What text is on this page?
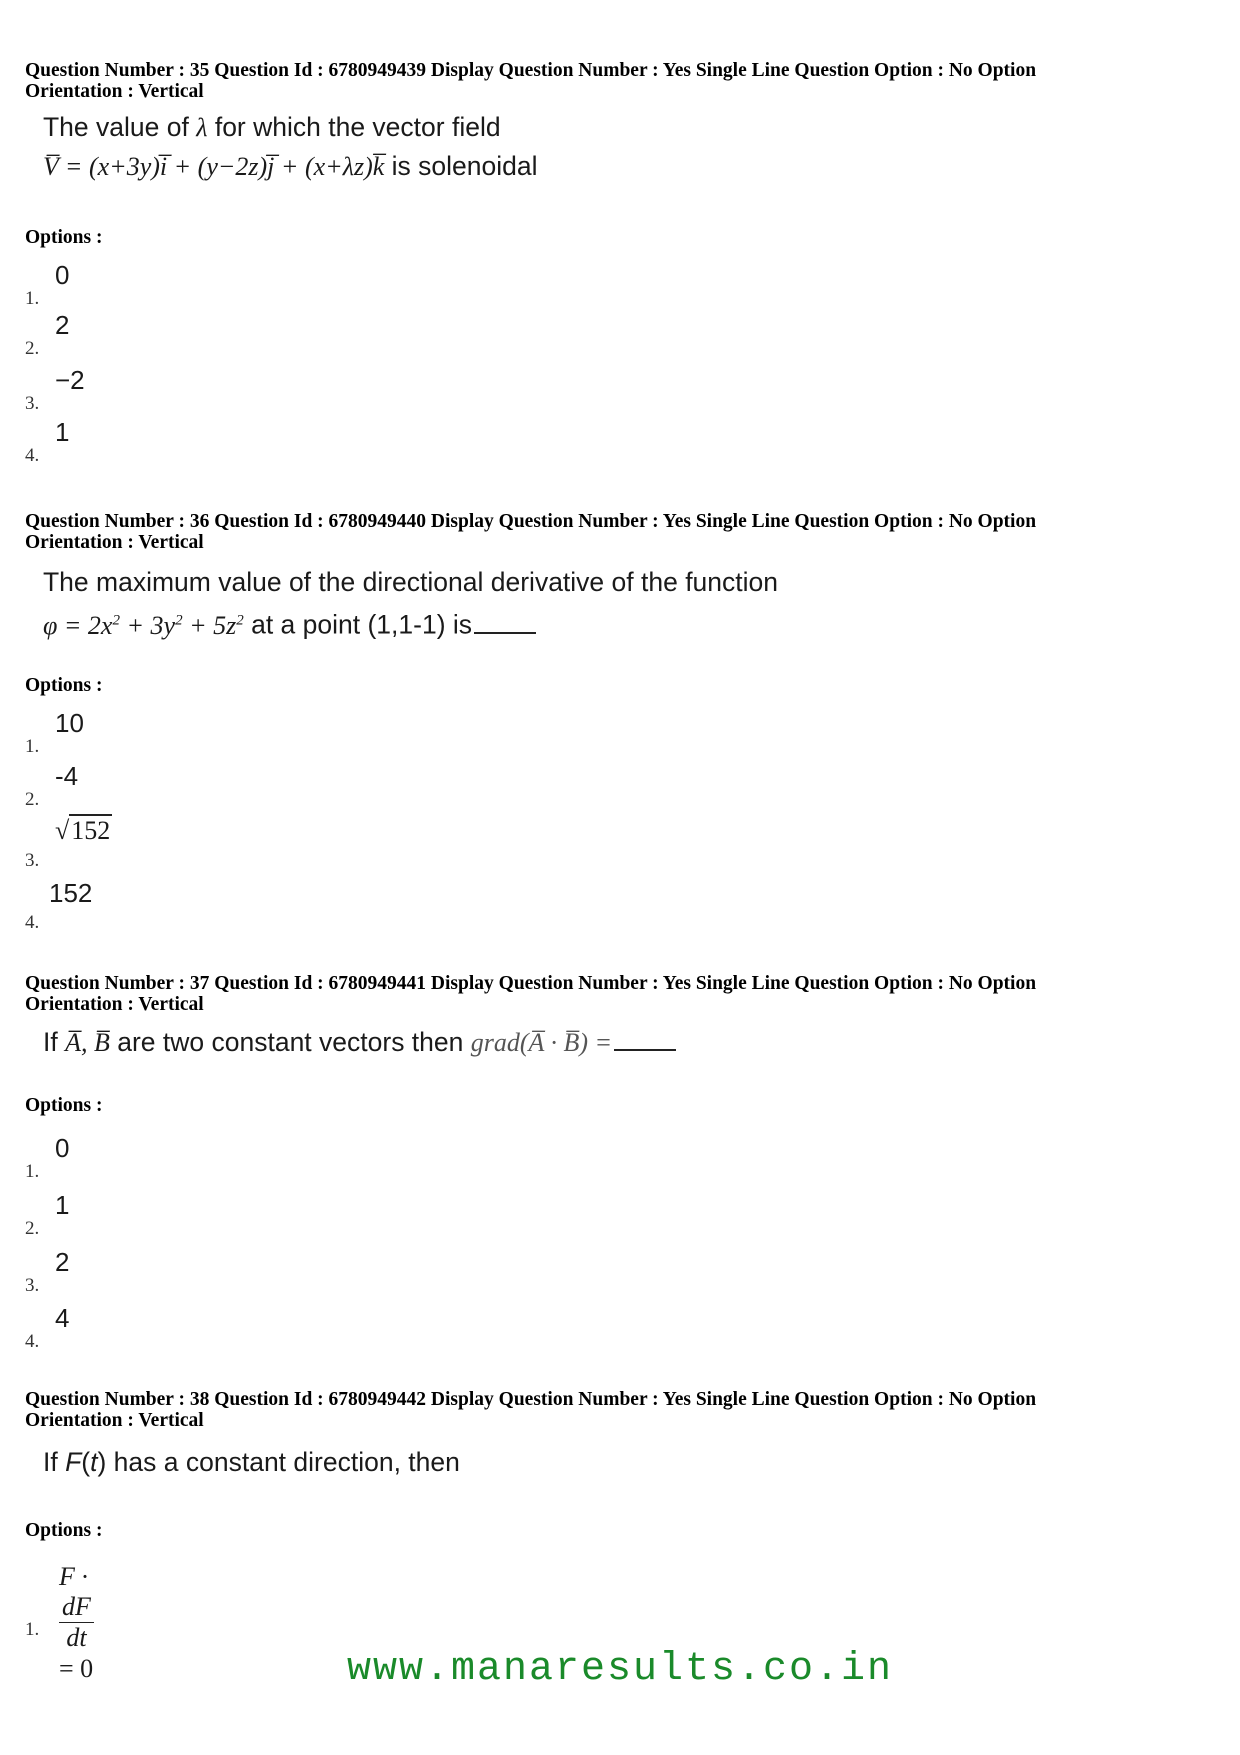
Question Number : 35 Question Id : 6780949439 Display Question Number : Yes Single Line Question Option : No Option
Orientation : Vertical

The value of λ for which the vector field
V̅ = (x+3y)i̅ + (y−2z)j̅ + (x+λz)k̅ is solenoidal
Options :
1.
0
2.
2
3.
−2
4.
1

Question Number : 36 Question Id : 6780949440 Display Question Number : Yes Single Line Question Option : No Option
Orientation : Vertical

The maximum value of the directional derivative of the function
$\varphi = 2x^2 + 3y^2 + 5z^2$ at a point (1,1-1) is
Options :
1.
10
2.
-4
3.
√152
4.
152

Question Number : 37 Question Id : 6780949441 Display Question Number : Yes Single Line Question Option : No Option
Orientation : Vertical

If A̅, B̅ are two constant vectors then grad(A̅ · B̅) =
Options :
1.
0
2.
1
3.
2
4.
4

Question Number : 38 Question Id : 6780949442 Display Question Number : Yes Single Line Question Option : No Option
Orientation : Vertical

If F(t) has a constant direction, then
Options :
1.
F ·
$\frac{dF}{dt}$
= 0	www.manaresults.co.in
